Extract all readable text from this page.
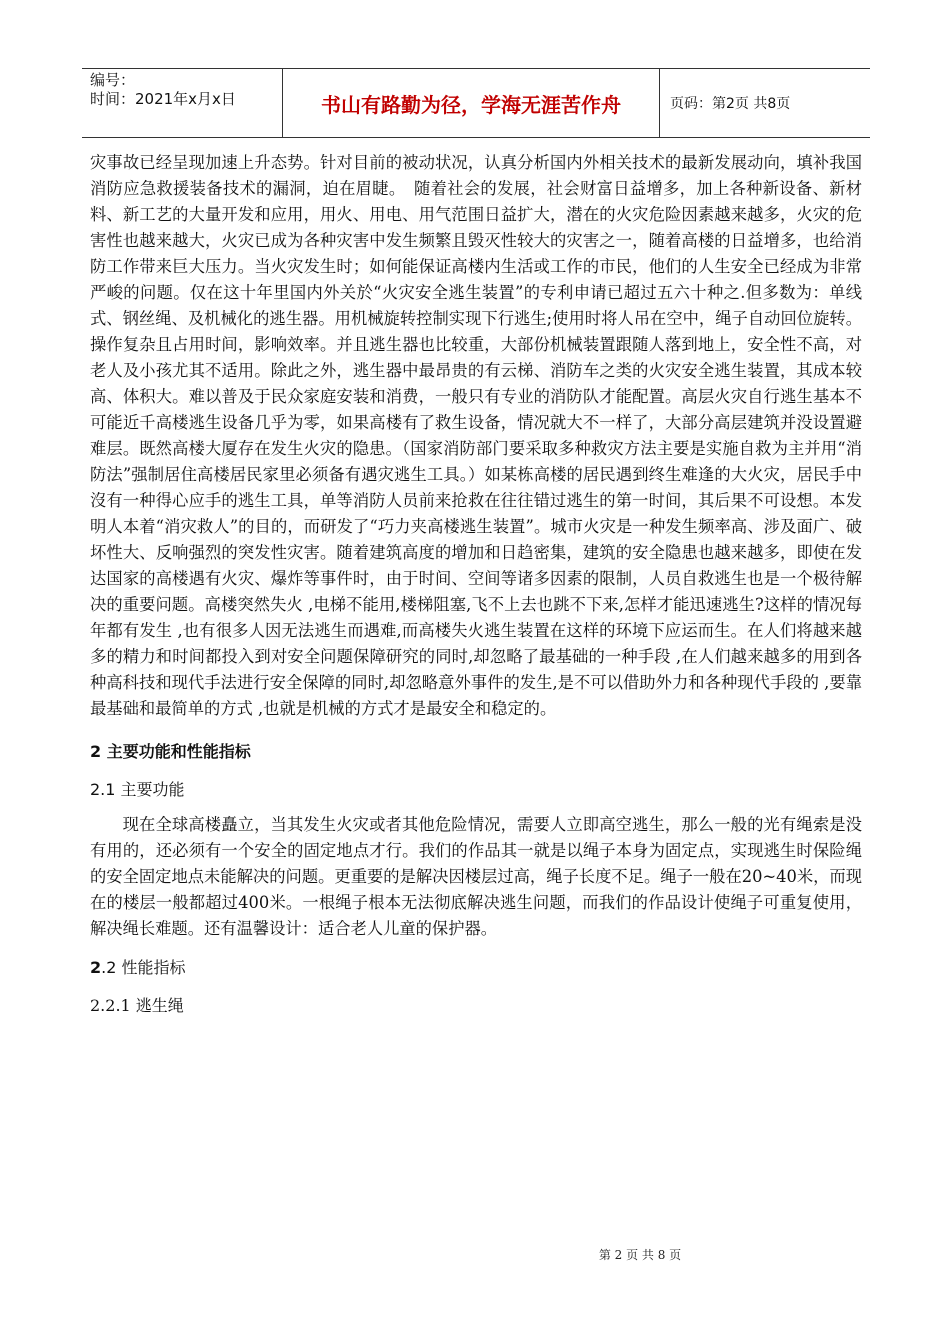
编号：
时间：2021年x月x日	书山有路勤为径，学海无涯苦作舟	页码：第2页 共8页

灾事故已经呈现加速上升态势。针对目前的被动状况，认真分析国内外相关技术的最新发展动向，填补我国消防应急救援装备技术的漏洞，迫在眉睫。　随着社会的发展，社会财富日益增多，加上各种新设备、新材料、新工艺的大量开发和应用，用火、用电、用气范围日益扩大，潜在的火灾危险因素越来越多，火灾的危害性也越来越大，火灾已成为各种灾害中发生频繁且毁灭性较大的灾害之一，随着高楼的日益增多，也给消防工作带来巨大压力。当火灾发生时；如何能保证高楼内生活或工作的市民，他们的人生安全已经成为非常严峻的问题。仅在这十年里国内外关於“火灾安全逃生装置”的专利申请已超过五六十种之.但多数为：单线式、钢丝绳、及机械化的逃生器。用机械旋转控制实现下行逃生;使用时将人吊在空中，绳子自动回位旋转。操作复杂且占用时间，影响效率。并且逃生器也比较重，大部份机械装置跟随人落到地上，安全性不高，对老人及小孩尤其不适用。除此之外，逃生器中最昂贵的有云梯、消防车之类的火灾安全逃生装置，其成本较高、体积大。难以普及于民众家庭安装和消费，一般只有专业的消防队才能配置。高层火灾自行逃生基本不可能近千高楼逃生设备几乎为零，如果高楼有了救生设备，情况就大不一样了，大部分高层建筑并没设置避难层。既然高楼大厦存在发生火灾的隐患。（国家消防部门要采取多种救灾方法主要是实施自救为主并用“消防法”强制居住高楼居民家里必须备有遇灾逃生工具。）如某栋高楼的居民遇到终生难逢的大火灾，居民手中沒有一种得心应手的逃生工具，单等消防人员前来抢救在往往错过逃生的第一时间，其后果不可设想。本发明人本着“消灾救人”的目的，而研发了“巧力夹高楼逃生装置”。城市火灾是一种发生频率高、涉及面广、破坏性大、反响强烈的突发性灾害。随着建筑高度的增加和日趋密集，建筑的安全隐患也越来越多，即使在发达国家的高楼遇有火灾、爆炸等事件时，由于时间、空间等诸多因素的限制，人员自救逃生也是一个极待解决的重要问题。高楼突然失火 ,电梯不能用,楼梯阻塞,飞不上去也跳不下来,怎样才能迅速逃生?这样的情况每年都有发生 ,也有很多人因无法逃生而遇难,而高楼失火逃生装置在这样的环境下应运而生。在人们将越来越多的精力和时间都投入到对安全问题保障研究的同时,却忽略了最基础的一种手段 ,在人们越来越多的用到各种高科技和现代手法进行安全保障的同时,却忽略意外事件的发生,是不可以借助外力和各种现代手段的 ,要靠最基础和最简单的方式 ,也就是机械的方式才是最安全和稳定的。

2 主要功能和性能指标
2.1 主要功能

现在全球高楼矗立，当其发生火灾或者其他危险情况，需要人立即高空逃生，那么一般的光有绳索是没有用的，还必须有一个安全的固定地点才行。我们的作品其一就是以绳子本身为固定点，实现逃生时保险绳的安全固定地点未能解决的问题。更重要的是解决因楼层过高，绳子长度不足。绳子一般在20~40米，而现在的楼层一般都超过400米。一根绳子根本无法彻底解决逃生问题，而我们的作品设计使绳子可重复使用，解决绳长难题。还有温馨设计：适合老人儿童的保护器。

2.2 性能指标
2.2.1 逃生绳
第 2 页 共 8 页
